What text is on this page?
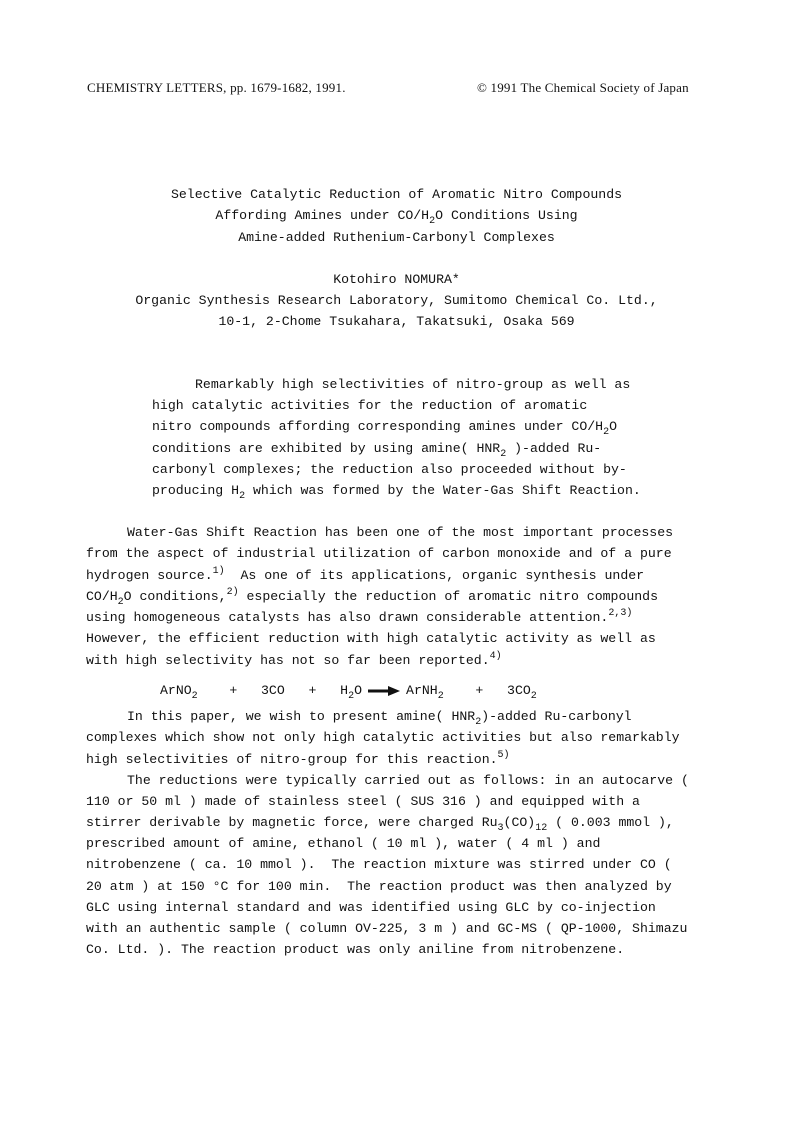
CHEMISTRY LETTERS, pp. 1679-1682, 1991.	© 1991 The Chemical Society of Japan
Selective Catalytic Reduction of Aromatic Nitro Compounds
Affording Amines under $CO/H_2O$ Conditions Using
Amine-added Ruthenium-Carbonyl Complexes
Kotohiro NOMURA*
Organic Synthesis Research Laboratory, Sumitomo Chemical Co. Ltd.,
10-1, 2-Chome Tsukahara, Takatsuki, Osaka 569
Remarkably high selectivities of nitro-group as well as
high catalytic activities for the reduction of aromatic
nitro compounds affording corresponding amines under $CO/H_2O$
conditions are exhibited by using amine( $HNR_2$ )-added Ru-
carbonyl complexes; the reduction also proceeded without by-
producing $H_2$ which was formed by the Water-Gas Shift Reaction.
Water-Gas Shift Reaction has been one of the most important processes
from the aspect of industrial utilization of carbon monoxide and of a pure
hydrogen source.$^{1)}$  As one of its applications, organic synthesis under
$CO/H_2O$ conditions,$^{2)}$ especially the reduction of aromatic nitro compounds
using homogeneous catalysts has also drawn considerable attention.$^{2,3)}$
However, the efficient reduction with high catalytic activity as well as
with high selectivity has not so far been reported.$^{4)}$
ArNO$_2$ + $3CO + H_2O$ → ArNH$_2$ + $3CO_2$
In this paper, we wish to present amine( $HNR_2$)-added Ru-carbonyl
complexes which show not only high catalytic activities but also remarkably
high selectivities of nitro-group for this reaction.$^{5)}$
The reductions were typically carried out as follows: in an autocarve (
110 or 50 ml ) made of stainless steel ( SUS 316 ) and equipped with a
stirrer derivable by magnetic force, were charged $Ru_3(CO)_{12}$ ( 0.003 mmol ),
prescribed amount of amine, ethanol ( 10 ml ), water ( 4 ml ) and
nitrobenzene ( ca. 10 mmol ).  The reaction mixture was stirred under CO (
20 atm ) at 150 °C for 100 min.  The reaction product was then analyzed by
GLC using internal standard and was identified using GLC by co-injection
with an authentic sample ( column OV-225, 3 m ) and GC-MS ( QP-1000, Shimazu
Co. Ltd. ). The reaction product was only aniline from nitrobenzene.
